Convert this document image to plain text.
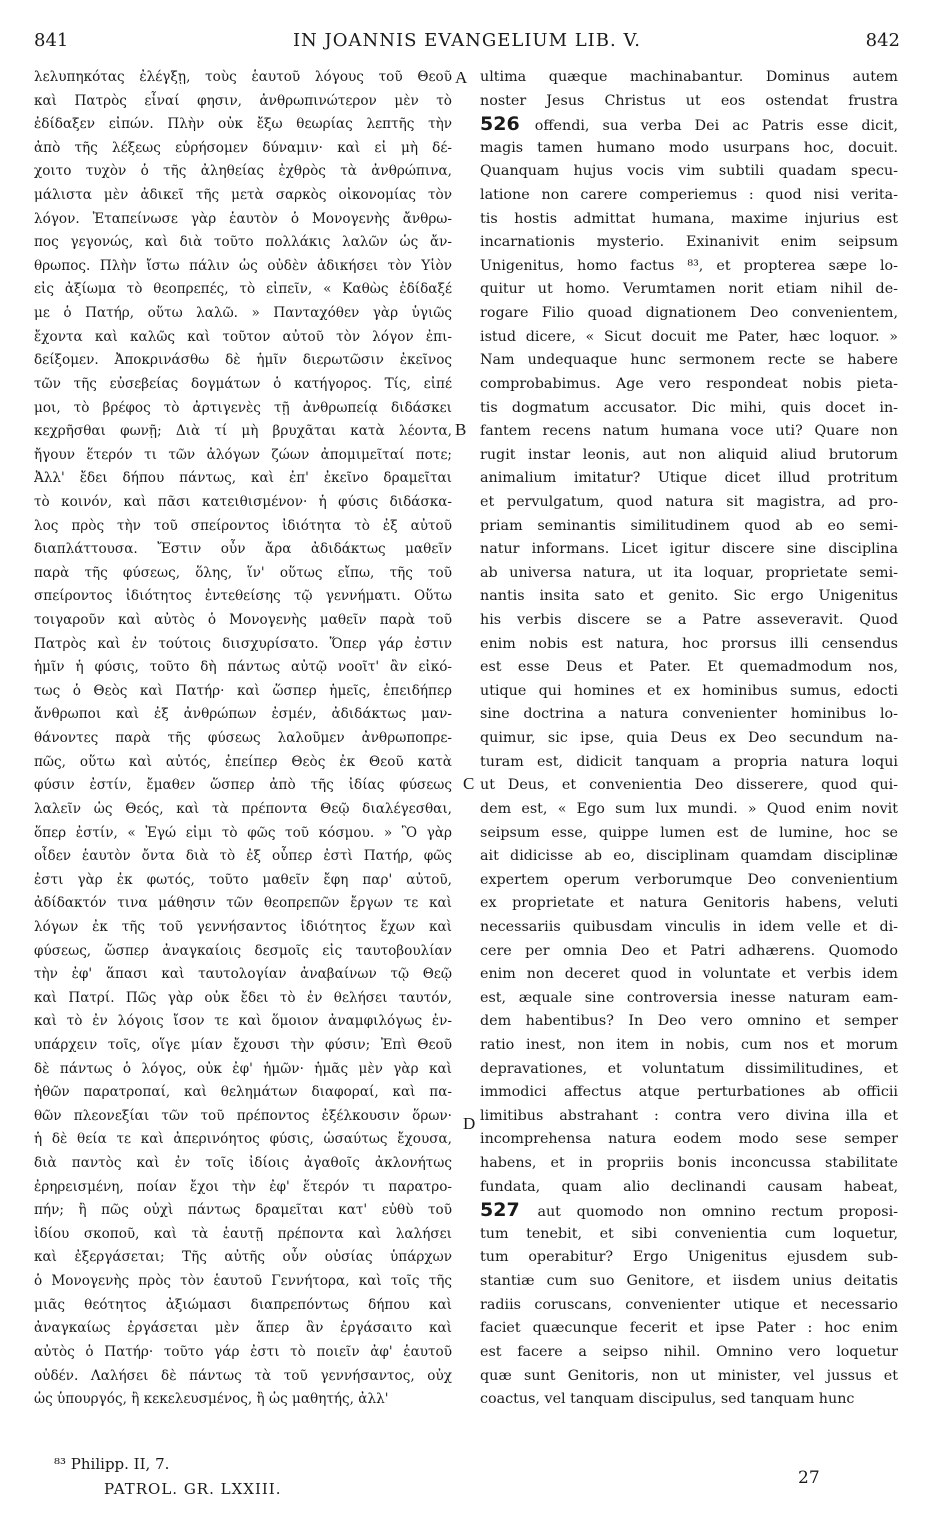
841	IN JOANNIS EVANGELIUM LIB. V.	842
λελυπηκότας ἐλέγξῃ, τοὺς ἑαυτοῦ λόγους τοῦ Θεοῦ
καὶ Πατρὸς εἶναί φησιν, ἀνθρωπινώτερον μὲν τὸ
ἐδίδαξεν εἰπών. Πλὴν οὐκ ἔξω θεωρίας λεπτῆς τὴν
ἀπὸ τῆς λέξεως εὑρήσομεν δύναμιν· καὶ εἰ μὴ δέ-
χοιτο τυχὸν ὁ τῆς ἀληθείας ἐχθρὸς τὰ ἀνθρώπινα,
μάλιστα μὲν ἀδικεῖ τῆς μετὰ σαρκὸς οἰκονομίας τὸν
λόγον. Ἐταπείνωσε γὰρ ἑαυτὸν ὁ Μονογενὴς ἄνθρω-
πος γεγονώς, καὶ διὰ τοῦτο πολλάκις λαλῶν ὡς ἄν-
θρωπος. Πλὴν ἴστω πάλιν ὡς οὐδὲν ἀδικήσει τὸν Υἱὸν
εἰς ἀξίωμα τὸ θεοπρεπές, τὸ εἰπεῖν, « Καθὼς ἐδίδαξέ
με ὁ Πατήρ, οὕτω λαλῶ. » Πανταχόθεν γὰρ ὑγιῶς
ἔχοντα καὶ καλῶς καὶ τοῦτον αὐτοῦ τὸν λόγον ἐπι-
δείξομεν. Ἀποκρινάσθω δὲ ἡμῖν διερωτῶσιν ἐκεῖνος
τῶν τῆς εὐσεβείας δογμάτων ὁ κατήγορος. Τίς, εἰπέ
μοι, τὸ βρέφος τὸ ἀρτιγενὲς τῇ ἀνθρωπείᾳ διδάσκει
κεχρῆσθαι φωνῇ; Διὰ τί μὴ βρυχᾶται κατὰ λέοντα,
ἤγουν ἕτερόν τι τῶν ἀλόγων ζώων ἀπομιμεῖταί ποτε;
Ἀλλ' ἔδει δήπου πάντως, καὶ ἐπ' ἐκεῖνο δραμεῖται
τὸ κοινόν, καὶ πᾶσι κατειθισμένον· ἡ φύσις διδάσκα-
λος πρὸς τὴν τοῦ σπείροντος ἰδιότητα τὸ ἐξ αὐτοῦ
διαπλάττουσα. Ἔστιν οὖν ἄρα ἀδιδάκτως μαθεῖν
παρὰ τῆς φύσεως, ὅλης, ἵν' οὕτως εἴπω, τῆς τοῦ
σπείροντος ἰδιότητος ἐντεθείσης τῷ γεννήματι. Οὕτω
τοιγαροῦν καὶ αὐτὸς ὁ Μονογενὴς μαθεῖν παρὰ τοῦ
Πατρὸς καὶ ἐν τούτοις διισχυρίσατο. Ὅπερ γάρ ἐστιν
ἡμῖν ἡ φύσις, τοῦτο δὴ πάντως αὐτῷ νοοῖτ' ἂν εἰκό-
τως ὁ Θεὸς καὶ Πατήρ· καὶ ὥσπερ ἡμεῖς, ἐπειδήπερ
ἄνθρωποι καὶ ἐξ ἀνθρώπων ἐσμέν, ἀδιδάκτως μαν-
θάνοντες παρὰ τῆς φύσεως λαλοῦμεν ἀνθρωποπρε-
πῶς, οὕτω καὶ αὐτός, ἐπείπερ Θεὸς ἐκ Θεοῦ κατὰ
φύσιν ἐστίν, ἔμαθεν ὥσπερ ἀπὸ τῆς ἰδίας φύσεως
λαλεῖν ὡς Θεός, καὶ τὰ πρέποντα Θεῷ διαλέγεσθαι,
ὅπερ ἐστίν, « Ἐγώ εἰμι τὸ φῶς τοῦ κόσμου. » Ὃ γὰρ
οἶδεν ἑαυτὸν ὄντα διὰ τὸ ἐξ οὗπερ ἐστὶ Πατήρ, φῶς
ἐστι γὰρ ἐκ φωτός, τοῦτο μαθεῖν ἔφη παρ' αὐτοῦ,
ἀδίδακτόν τινα μάθησιν τῶν θεοπρεπῶν ἔργων τε καὶ
λόγων ἐκ τῆς τοῦ γεννήσαντος ἰδιότητος ἔχων καὶ
φύσεως, ὥσπερ ἀναγκαίοις δεσμοῖς εἰς ταυτοβουλίαν
τὴν ἐφ' ἅπασι καὶ ταυτολογίαν ἀναβαίνων τῷ Θεῷ
καὶ Πατρί. Πῶς γὰρ οὐκ ἔδει τὸ ἐν θελήσει ταυτόν,
καὶ τὸ ἐν λόγοις ἴσον τε καὶ ὅμοιον ἀναμφιλόγως ἐν-
υπάρχειν τοῖς, οἵγε μίαν ἔχουσι τὴν φύσιν; Ἐπὶ Θεοῦ
δὲ πάντως ὁ λόγος, οὐκ ἐφ' ἡμῶν· ἡμᾶς μὲν γὰρ καὶ
ἠθῶν παρατροπαί, καὶ θελημάτων διαφοραί, καὶ πα-
θῶν πλεονεξίαι τῶν τοῦ πρέποντος ἐξέλκουσιν ὅρων·
ἡ δὲ θεία τε καὶ ἀπερινόητος φύσις, ὡσαύτως ἔχουσα,
διὰ παντὸς καὶ ἐν τοῖς ἰδίοις ἀγαθοῖς ἀκλονήτως
ἐρηρεισμένη, ποίαν ἔχοι τὴν ἐφ' ἕτερόν τι παρατρο-
πήν; ἢ πῶς οὐχὶ πάντως δραμεῖται κατ' εὐθὺ τοῦ
ἰδίου σκοποῦ, καὶ τὰ ἑαυτῇ πρέποντα καὶ λαλήσει
καὶ ἐξεργάσεται; Τῆς αὐτῆς οὖν οὐσίας ὑπάρχων
ὁ Μονογενὴς πρὸς τὸν ἑαυτοῦ Γεννήτορα, καὶ τοῖς τῆς
μιᾶς θεότητος ἀξιώμασι διαπρεπόντως δήπου καὶ
ἀναγκαίως ἐργάσεται μὲν ἅπερ ἂν ἐργάσαιτο καὶ
αὐτὸς ὁ Πατήρ· τοῦτο γάρ ἐστι τὸ ποιεῖν ἀφ' ἑαυτοῦ
οὐδέν. Λαλήσει δὲ πάντως τὰ τοῦ γεννήσαντος, οὐχ
ὡς ὑπουργός, ἢ κεκελευσμένος, ἢ ὡς μαθητής, ἀλλ'
ultima quæque machinabantur. Dominus autem
noster Jesus Christus ut eos ostendat frustra
526 offendi, sua verba Dei ac Patris esse dicit,
magis tamen humano modo usurpans hoc, docuit.
Quanquam hujus vocis vim subtili quadam specu-
latione non carere comperiemus : quod nisi verita-
tis hostis admittat humana, maxime injurius est
incarnationis mysterio. Exinanivit enim seipsum
Unigenitus, homo factus ⁸³, et propterea sæpe lo-
quitur ut homo. Verumtamen norit etiam nihil de-
rogare Filio quoad dignationem Deo convenientem,
istud dicere, « Sicut docuit me Pater, hæc loquor. »
Nam undequaque hunc sermonem recte se habere
comprobabimus. Age vero respondeat nobis pieta-
tis dogmatum accusator. Dic mihi, quis docet in-
fantem recens natum humana voce uti? Quare non
rugit instar leonis, aut non aliquid aliud brutorum
animalium imitatur? Utique dicet illud protritum
et pervulgatum, quod natura sit magistra, ad pro-
priam seminantis similitudinem quod ab eo semi-
natur informans. Licet igitur discere sine disciplina
ab universa natura, ut ita loquar, proprietate semi-
nantis insita sato et genito. Sic ergo Unigenitus
his verbis discere se a Patre asseveravit. Quod
enim nobis est natura, hoc prorsus illi censendus
est esse Deus et Pater. Et quemadmodum nos,
utique qui homines et ex hominibus sumus, edocti
sine doctrina a natura convenienter hominibus lo-
quimur, sic ipse, quia Deus ex Deo secundum na-
turam est, didicit tanquam a propria natura loqui
ut Deus, et convenientia Deo disserere, quod qui-
dem est, « Ego sum lux mundi. » Quod enim novit
seipsum esse, quippe lumen est de lumine, hoc se
ait didicisse ab eo, disciplinam quamdam disciplinæ
expertem operum verborumque Deo convenientium
ex proprietate et natura Genitoris habens, veluti
necessariis quibusdam vinculis in idem velle et di-
cere per omnia Deo et Patri adhærens. Quomodo
enim non deceret quod in voluntate et verbis idem
est, æquale sine controversia inesse naturam eam-
dem habentibus? In Deo vero omnino et semper
ratio inest, non item in nobis, cum nos et morum
depravationes, et voluntatum dissimilitudines, et
immodici affectus atque perturbationes ab officii
limitibus abstrahant : contra vero divina illa et
incomprehensa natura eodem modo sese semper
habens, et in propriis bonis inconcussa stabilitate
fundata, quam alio declinandi causam habeat,
527 aut quomodo non omnino rectum proposi-
tum tenebit, et sibi convenientia cum loquetur,
tum operabitur? Ergo Unigenitus ejusdem sub-
stantiæ cum suo Genitore, et iisdem unius deitatis
radiis coruscans, convenienter utique et necessario
faciet quæcunque fecerit et ipse Pater : hoc enim
est facere a seipso nihil. Omnino vero loquetur
quæ sunt Genitoris, non ut minister, vel jussus et
coactus, vel tanquam discipulus, sed tanquam hunc
A
B
C
D
⁸³ Philipp. II, 7.
PATROL. GR. LXXIII.
27
